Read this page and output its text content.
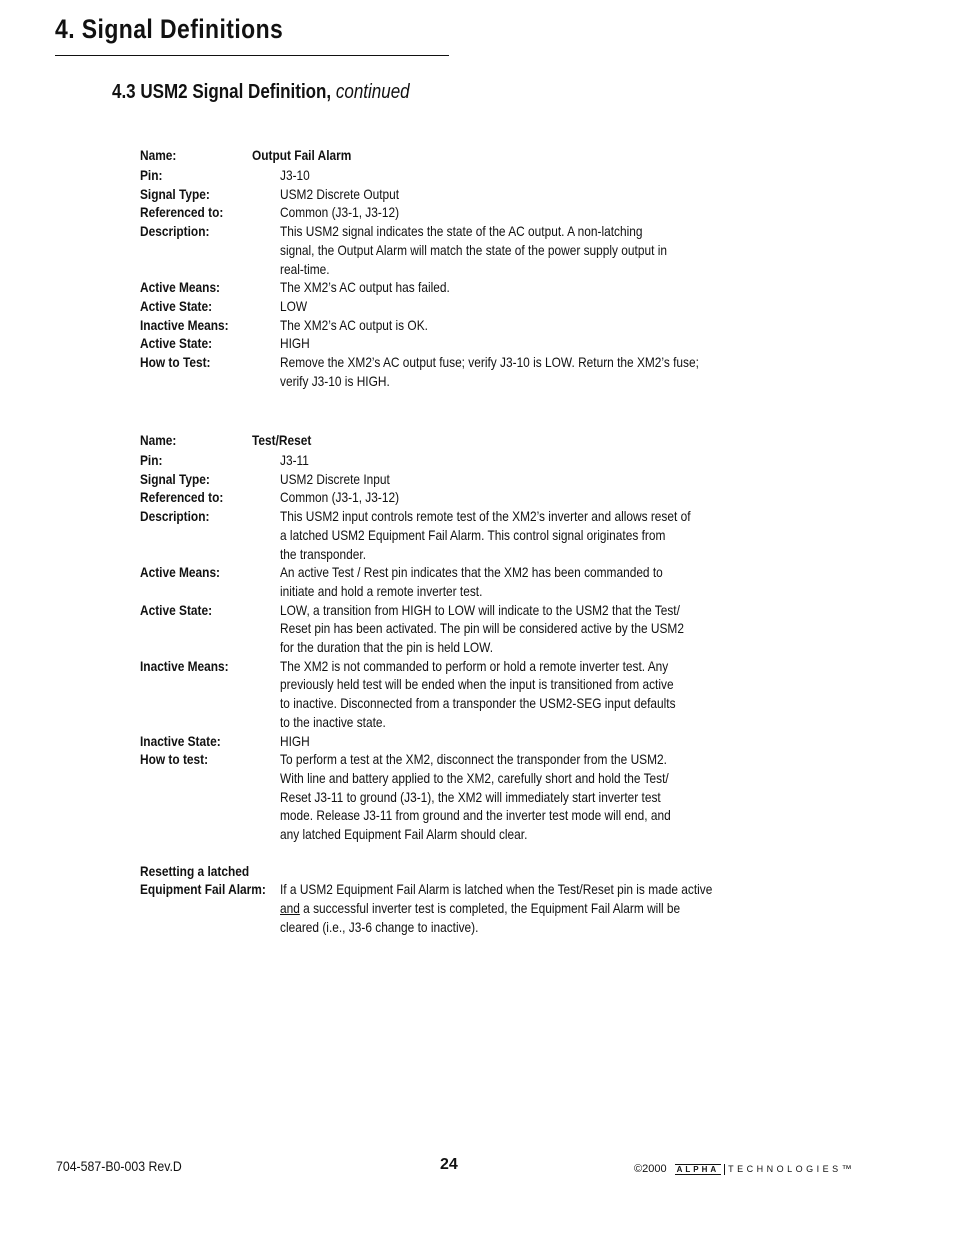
4. Signal Definitions
4.3 USM2 Signal Definition, continued
Name:	Output Fail Alarm
Pin:	J3-10
Signal Type:	USM2 Discrete Output
Referenced to:	Common (J3-1, J3-12)
Description:	This USM2 signal indicates the state of the AC output. A non-latching
signal, the Output Alarm will match the state of the power supply output in
real-time.
Active Means:	The XM2’s AC output has failed.
Active State:	LOW
Inactive Means:	The XM2’s AC output is OK.
Active State:	HIGH
How to Test:	Remove the XM2’s AC output fuse; verify J3-10 is LOW. Return the XM2’s fuse;
verify J3-10 is HIGH.
Name:	Test/Reset
Pin:	J3-11
Signal Type:	USM2 Discrete Input
Referenced to:	Common (J3-1, J3-12)
Description:	This USM2 input controls remote test of the XM2’s inverter and allows reset of
a latched USM2 Equipment Fail Alarm. This control signal originates from
the transponder.
Active Means:	An active Test / Rest pin indicates that the XM2 has been commanded to
initiate and hold a remote inverter test.
Active State:	LOW, a transition from HIGH to LOW will indicate to the USM2 that the Test/
Reset pin has been activated. The pin will be considered active by the USM2
for the duration that the pin is held LOW.
Inactive Means:	The XM2 is not commanded to perform or hold a remote inverter test. Any
previously held test will be ended when the input is transitioned from active
to inactive. Disconnected from a transponder the USM2-SEG input defaults
to the inactive state.
Inactive State:	HIGH
How to test:	To perform a test at the XM2, disconnect the transponder from the USM2.
With line and battery applied to the XM2, carefully short and hold the Test/
Reset J3-11 to ground (J3-1), the XM2 will immediately start inverter test
mode. Release J3-11 from ground and the inverter test mode will end, and
any latched Equipment Fail Alarm should clear.
Resetting a latched

Equipment Fail Alarm: If a USM2 Equipment Fail Alarm is latched when the Test/Reset pin is made active
and a successful inverter test is completed, the Equipment Fail Alarm will be
cleared (i.e., J3-6 change to inactive).
704-587-B0-003 Rev.D	24	©2000 ALPHA TECHNOLOGIES ™
